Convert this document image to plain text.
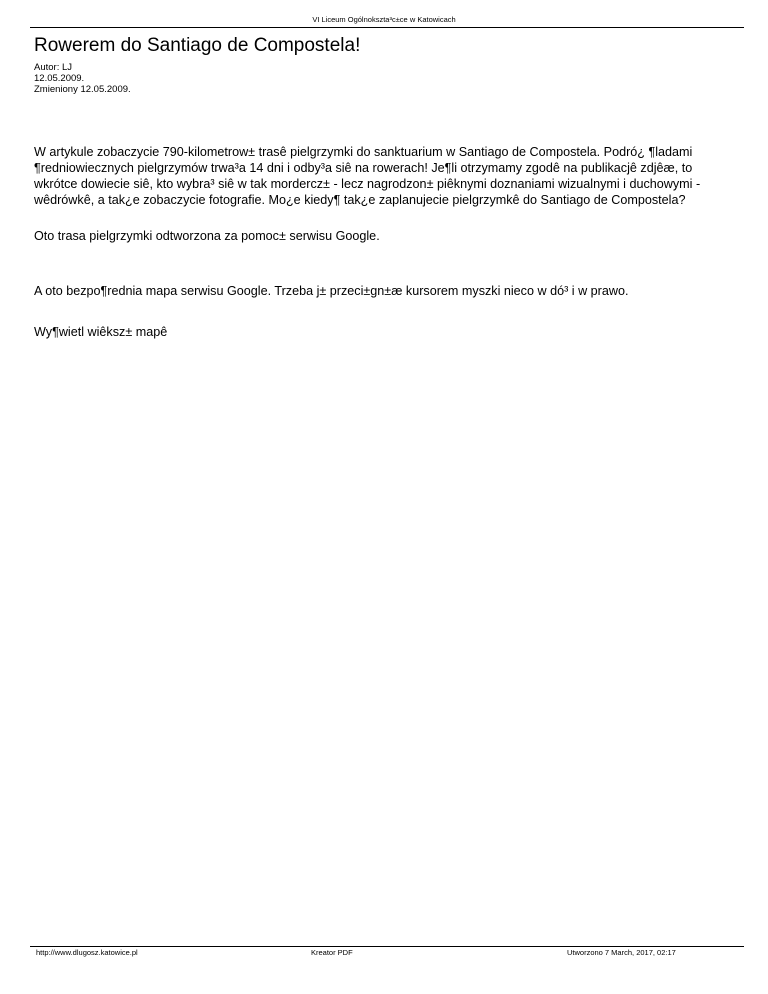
VI Liceum Ogólnokszta³c±ce w Katowicach
Rowerem do Santiago de Compostela!
Autor: LJ
12.05.2009.
Zmieniony 12.05.2009.

W artykule zobaczycie 790-kilometrow± trasê pielgrzymki do sanktuarium w Santiago de Compostela. Podró¿ ¶ladami ¶redniowiecznych pielgrzymów trwa³a 14 dni i odby³a siê na rowerach! Je¶li otrzymamy zgodê na publikacjê zdjêæ, to wkrótce dowiecie siê, kto wybra³ siê w tak mordercz± - lecz nagrodzon± piêknymi doznaniami wizualnymi i duchowymi - wêdrówkê, a tak¿e zobaczycie fotografie. Mo¿e kiedy¶ tak¿e zaplanujecie pielgrzymkê do Santiago de Compostela?

Oto trasa pielgrzymki odtworzona za pomoc± serwisu Google.

A oto bezpo¶rednia mapa serwisu Google. Trzeba j± przeci±gn±æ kursorem myszki nieco w dó³ i w prawo.

Wy¶wietl wiêksz± mapê
http://www.dlugosz.katowice.pl	Kreator PDF	Utworzono 7 March, 2017, 02:17
